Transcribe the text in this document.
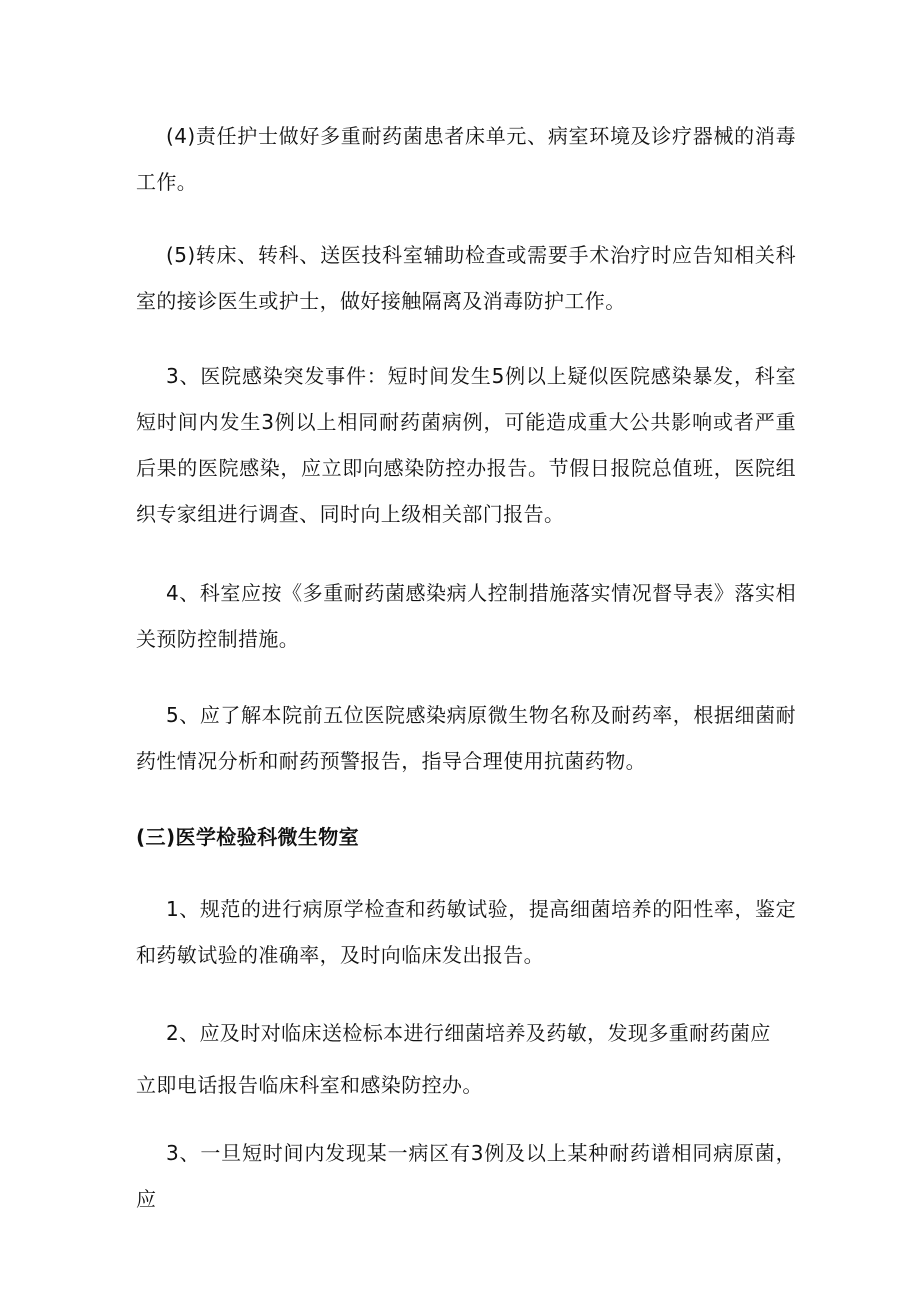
(4)责任护士做好多重耐药菌患者床单元、病室环境及诊疗器械的消毒工作。

(5)转床、转科、送医技科室辅助检查或需要手术治疗时应告知相关科室的接诊医生或护士，做好接触隔离及消毒防护工作。

3、医院感染突发事件：短时间发生5例以上疑似医院感染暴发，科室短时间内发生3例以上相同耐药菌病例，可能造成重大公共影响或者严重后果的医院感染，应立即向感染防控办报告。节假日报院总值班，医院组织专家组进行调查、同时向上级相关部门报告。

4、科室应按《多重耐药菌感染病人控制措施落实情况督导表》落实相关预防控制措施。

5、应了解本院前五位医院感染病原微生物名称及耐药率，根据细菌耐药性情况分析和耐药预警报告，指导合理使用抗菌药物。

(三)医学检验科微生物室

1、规范的进行病原学检查和药敏试验，提高细菌培养的阳性率，鉴定和药敏试验的准确率，及时向临床发出报告。

2、应及时对临床送检标本进行细菌培养及药敏，发现多重耐药菌应

立即电话报告临床科室和感染防控办。

3、一旦短时间内发现某一病区有3例及以上某种耐药谱相同病原菌，应
